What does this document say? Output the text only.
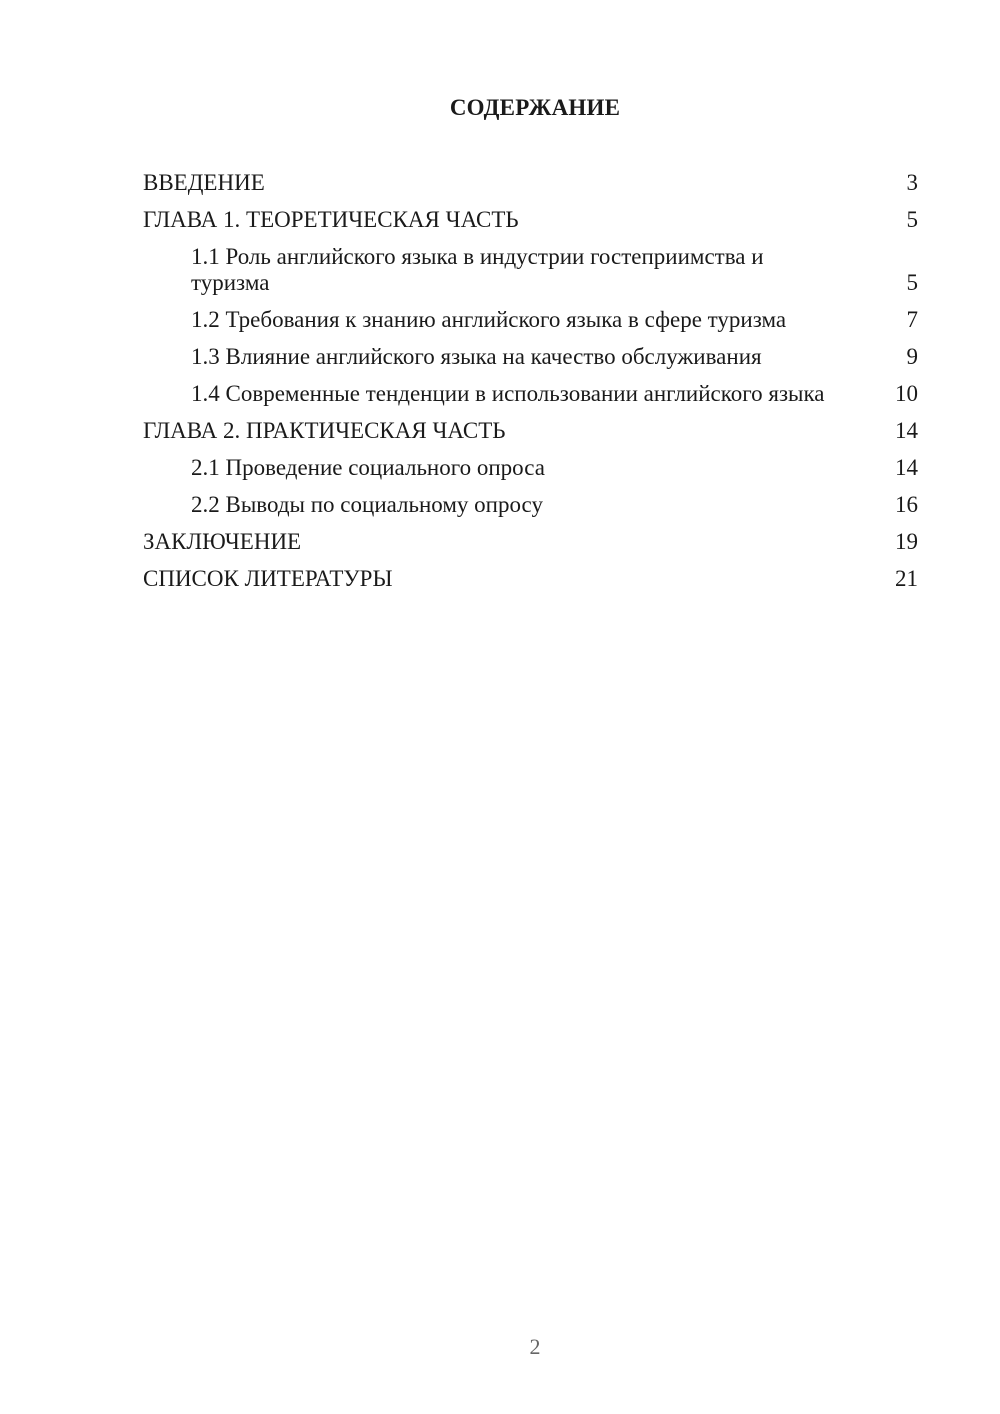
СОДЕРЖАНИЕ
ВВЕДЕНИЕ	3
ГЛАВА 1. ТЕОРЕТИЧЕСКАЯ ЧАСТЬ	5
1.1 Роль английского языка в индустрии гостеприимства и туризма	5
1.2 Требования к знанию английского языка в сфере туризма	7
1.3 Влияние английского языка на качество обслуживания	9
1.4 Современные тенденции в использовании английского языка	10
ГЛАВА 2. ПРАКТИЧЕСКАЯ ЧАСТЬ	14
2.1 Проведение социального опроса	14
2.2 Выводы по социальному опросу	16
ЗАКЛЮЧЕНИЕ	19
СПИСОК ЛИТЕРАТУРЫ	21
2
